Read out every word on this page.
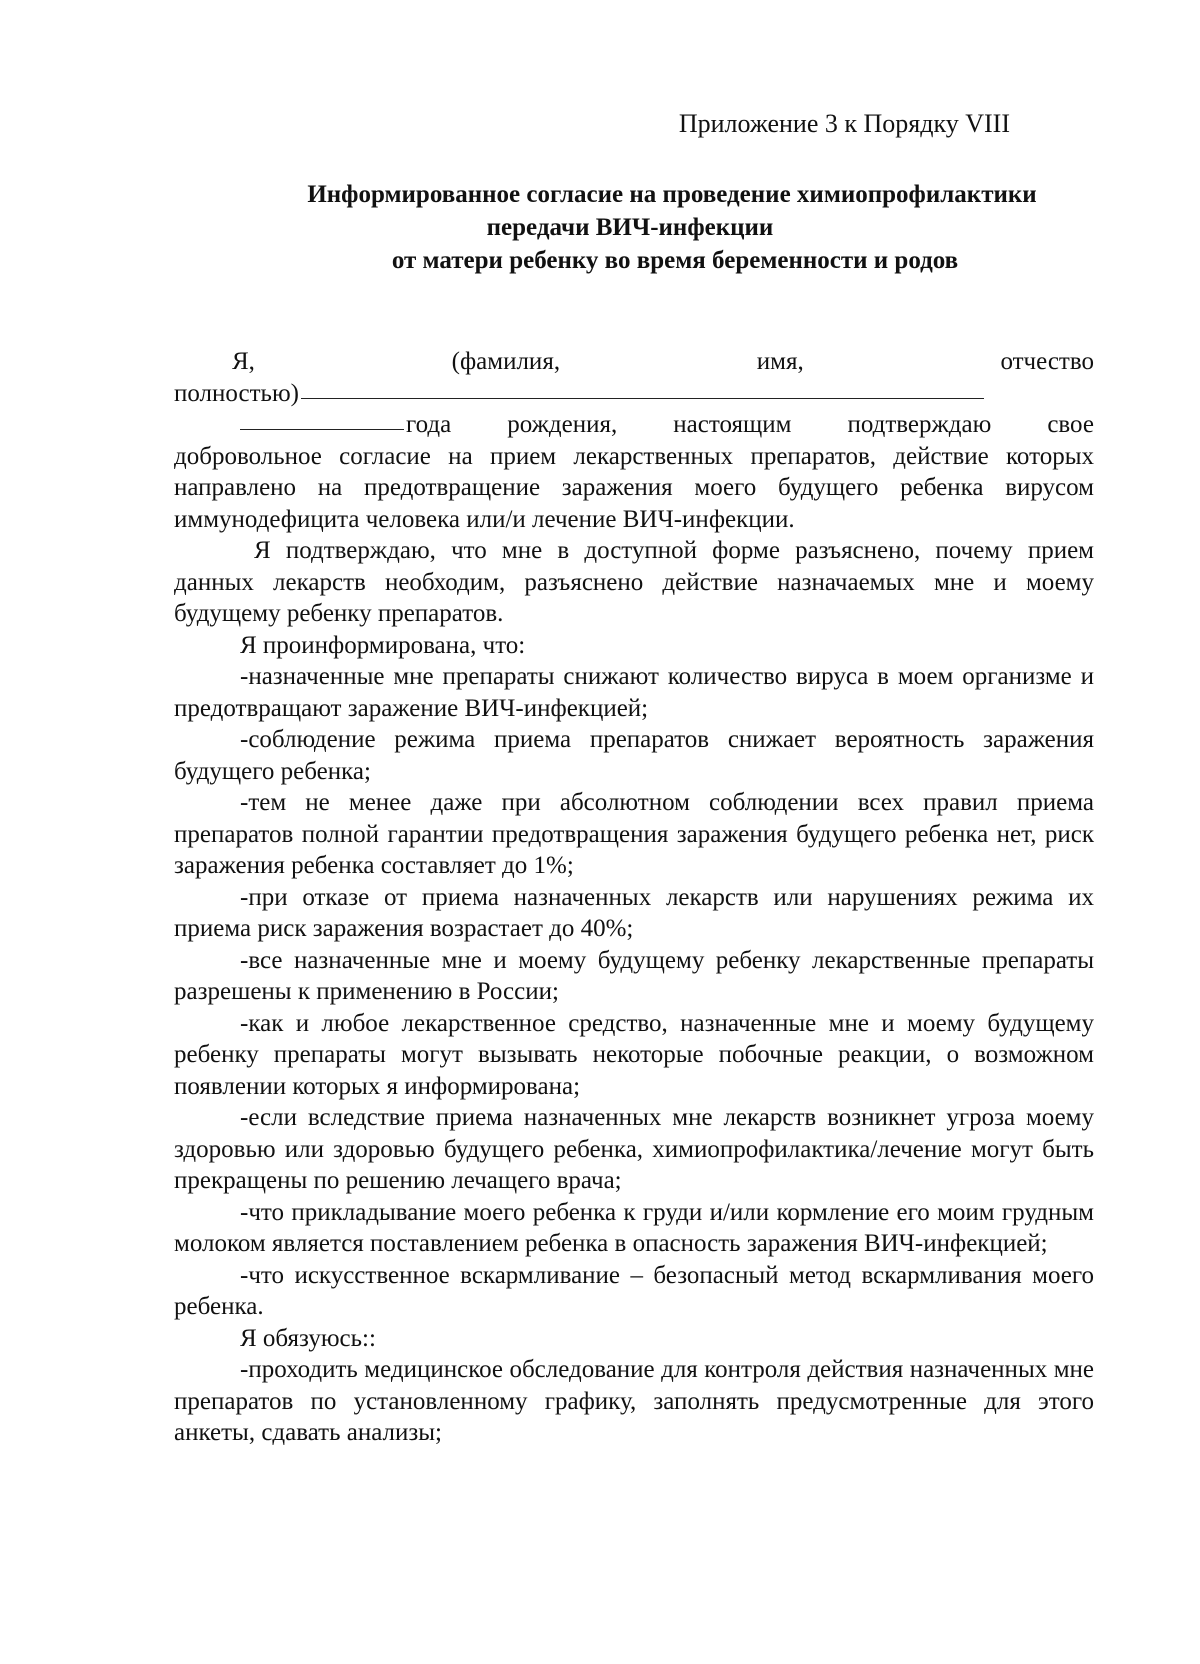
Приложение 3 к Порядку VIII
Информированное согласие на проведение химиопрофилактики
передачи ВИЧ-инфекции
от матери ребенку во время беременности и родов
Я,	(фамилия,	имя,	отчество
полностью)
года рождения, настоящим подтверждаю свое

добровольное согласие на прием лекарственных препаратов, действие которых направлено на предотвращение заражения моего будущего ребенка вирусом иммунодефицита человека или/и лечение ВИЧ-инфекции.

Я подтверждаю, что мне в доступной форме разъяснено, почему прием данных лекарств необходим, разъяснено действие назначаемых мне и моему будущему ребенку препаратов.

Я проинформирована, что:

-назначенные мне препараты снижают количество вируса в моем организме и предотвращают заражение ВИЧ-инфекцией;

-соблюдение режима приема препаратов снижает вероятность заражения будущего ребенка;

-тем не менее даже при абсолютном соблюдении всех правил приема препаратов полной гарантии предотвращения заражения будущего ребенка нет, риск заражения ребенка составляет до 1%;

-при отказе от приема назначенных лекарств или нарушениях режима их приема риск заражения возрастает до 40%;

-все назначенные мне и моему будущему ребенку лекарственные препараты разрешены к применению в России;

-как и любое лекарственное средство, назначенные мне и моему будущему ребенку препараты могут вызывать некоторые побочные реакции, о возможном появлении которых я информирована;

-если вследствие приема назначенных мне лекарств возникнет угроза моему здоровью или здоровью будущего ребенка, химиопрофилактика/лечение могут быть прекращены по решению лечащего врача;

-что прикладывание моего ребенка к груди и/или кормление его моим грудным молоком является поставлением ребенка в опасность заражения ВИЧ-инфекцией;

-что искусственное вскармливание – безопасный метод вскармливания моего ребенка.

Я обязуюсь::

-проходить медицинское обследование для контроля действия назначенных мне препаратов по установленному графику, заполнять предусмотренные для этого анкеты, сдавать анализы;
